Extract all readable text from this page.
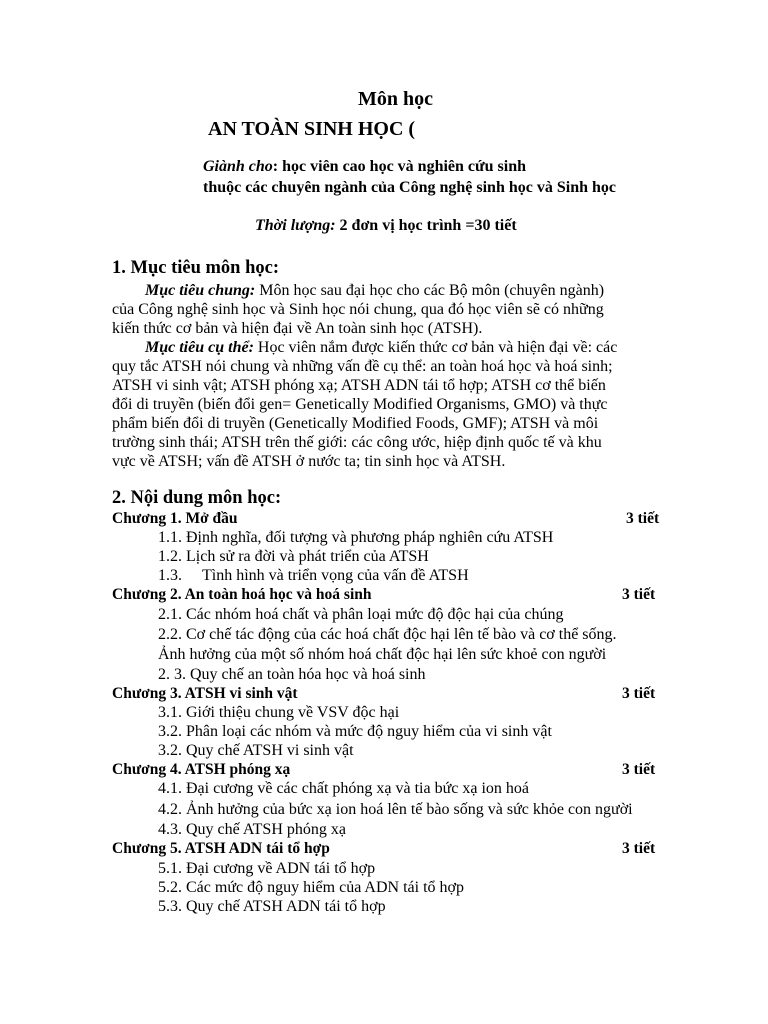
Môn học
AN TOÀN SINH HỌC (
Giành cho: học viên cao học và nghiên cứu sinh
thuộc các chuyên ngành của Công nghệ sinh học và Sinh học
Thời lượng: 2 đơn vị học trình =30 tiết
1. Mục tiêu môn học:
Mục tiêu chung: Môn học sau đại học cho các Bộ môn (chuyên ngành)
của Công nghệ sinh học và Sinh học nói chung, qua đó học viên sẽ có những
kiến thức cơ bản và hiện đại về An toàn sinh học (ATSH).
Mục tiêu cụ thể: Học viên nắm được kiến thức cơ bản và hiện đại về: các
quy tắc ATSH nói chung và những vấn đề cụ thể: an toàn hoá học và hoá sinh;
ATSH vi sinh vật; ATSH phóng xạ; ATSH ADN tái tổ hợp; ATSH cơ thể biến
đổi di truyền (biến đổi gen= Genetically Modified Organisms, GMO) và thực
phẩm biến đổi di truyền (Genetically Modified Foods, GMF); ATSH và môi
trường sinh thái; ATSH trên thế giới: các công ước, hiệp định quốc tế và khu
vực về ATSH; vấn đề ATSH ở nước ta; tin sinh học và ATSH.
2. Nội dung môn học:
Chương 1. Mở đầu	3 tiết
1.1. Định nghĩa, đối tượng và phương pháp nghiên cứu ATSH
1.2. Lịch sử ra đời và phát triển của ATSH
1.3. Tình hình và triển vọng của vấn đề ATSH
Chương 2. An toàn hoá học và hoá sinh	3 tiết
2.1. Các nhóm hoá chất và phân loại mức độ độc hại của chúng
2.2. Cơ chế tác động của các hoá chất độc hại lên tế bào và cơ thể sống.
Ảnh hưởng của một số nhóm hoá chất độc hại lên sức khoẻ con người
2. 3. Quy chế an toàn hóa học và hoá sinh
Chương 3. ATSH vi sinh vật	3 tiết
3.1. Giới thiệu chung về VSV độc hại
3.2. Phân loại các nhóm và mức độ nguy hiểm của vi sinh vật
3.2. Quy chế ATSH vi sinh vật
Chương 4. ATSH phóng xạ	3 tiết
4.1. Đại cương về các chất phóng xạ và tia bức xạ ion hoá
4.2. Ảnh hưởng của bức xạ ion hoá lên tế bào sống và sức khỏe con người
4.3. Quy chế ATSH phóng xạ
Chương 5. ATSH ADN tái tổ hợp	3 tiết
5.1. Đại cương về ADN tái tổ hợp
5.2. Các mức độ nguy hiểm của ADN tái tổ hợp
5.3. Quy chế ATSH ADN tái tổ hợp
